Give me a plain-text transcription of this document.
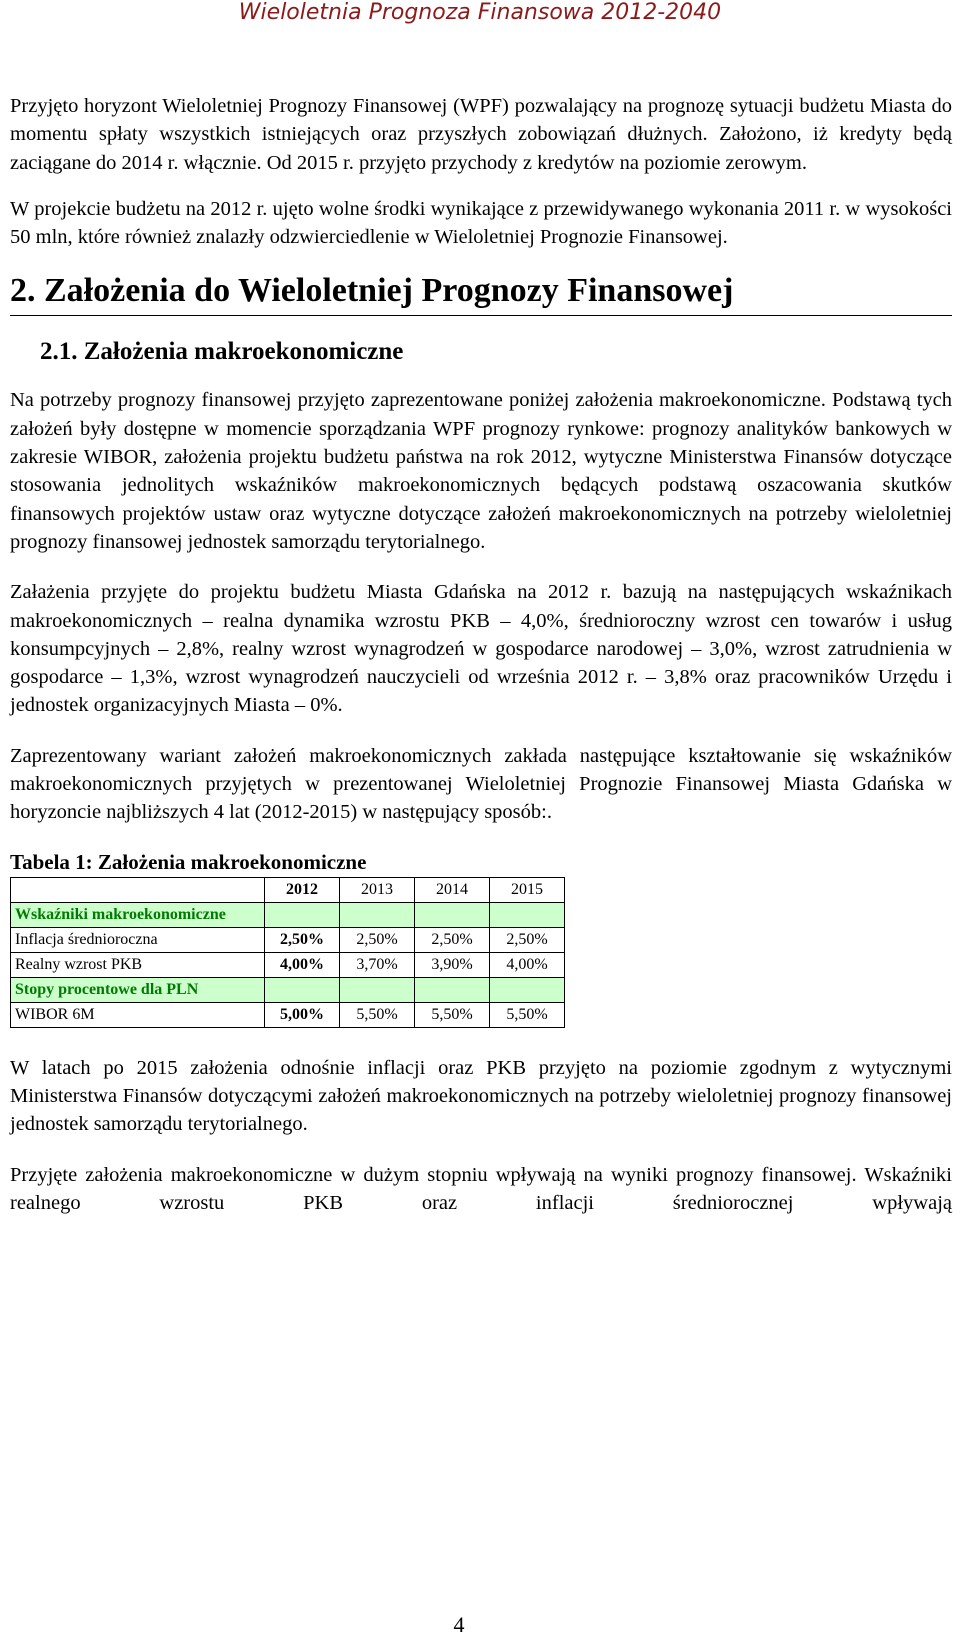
Wieloletnia Prognoza Finansowa 2012-2040

Przyjęto horyzont Wieloletniej Prognozy Finansowej (WPF) pozwalający na prognozę sytuacji budżetu Miasta do momentu spłaty wszystkich istniejących oraz przyszłych zobowiązań dłużnych. Założono, iż kredyty będą zaciągane do 2014 r. włącznie. Od 2015 r. przyjęto przychody z kredytów na poziomie zerowym.

W projekcie budżetu na 2012 r. ujęto wolne środki wynikające z przewidywanego wykonania 2011 r. w wysokości 50 mln, które również znalazły odzwierciedlenie w Wieloletniej Prognozie Finansowej.

2. Założenia do Wieloletniej Prognozy Finansowej
2.1. Założenia makroekonomiczne

Na potrzeby prognozy finansowej przyjęto zaprezentowane poniżej założenia makroekonomiczne. Podstawą tych założeń były dostępne w momencie sporządzania WPF prognozy rynkowe: prognozy analityków bankowych w zakresie WIBOR, założenia projektu budżetu państwa na rok 2012, wytyczne Ministerstwa Finansów dotyczące stosowania jednolitych wskaźników makroekonomicznych będących podstawą oszacowania skutków finansowych projektów ustaw oraz wytyczne dotyczące założeń makroekonomicznych na potrzeby wieloletniej prognozy finansowej jednostek samorządu terytorialnego.

Załażenia przyjęte do projektu budżetu Miasta Gdańska na 2012 r. bazują na następujących wskaźnikach makroekonomicznych – realna dynamika wzrostu PKB – 4,0%, średnioroczny wzrost cen towarów i usług konsumpcyjnych – 2,8%, realny wzrost wynagrodzeń w gospodarce narodowej – 3,0%, wzrost zatrudnienia w gospodarce – 1,3%, wzrost wynagrodzeń nauczycieli od września 2012 r. – 3,8% oraz pracowników Urzędu i jednostek organizacyjnych Miasta – 0%.

Zaprezentowany wariant założeń makroekonomicznych zakłada następujące kształtowanie się wskaźników makroekonomicznych przyjętych w prezentowanej Wieloletniej Prognozie Finansowej Miasta Gdańska w horyzoncie najbliższych 4 lat (2012-2015) w następujący sposób:.

Tabela 1: Założenia makroekonomiczne
	2012	2013	2014	2015
Wskaźniki makroekonomiczne				
Inflacja średnioroczna	2,50%	2,50%	2,50%	2,50%
Realny wzrost PKB	4,00%	3,70%	3,90%	4,00%
Stopy procentowe dla PLN				
WIBOR 6M	5,00%	5,50%	5,50%	5,50%

W latach po 2015 założenia odnośnie inflacji oraz PKB przyjęto na poziomie zgodnym z wytycznymi Ministerstwa Finansów dotyczącymi założeń makroekonomicznych na potrzeby wieloletniej prognozy finansowej jednostek samorządu terytorialnego.

Przyjęte założenia makroekonomiczne w dużym stopniu wpływają na wyniki prognozy finansowej. Wskaźniki realnego wzrostu PKB oraz inflacji średniorocznej wpływają

4
